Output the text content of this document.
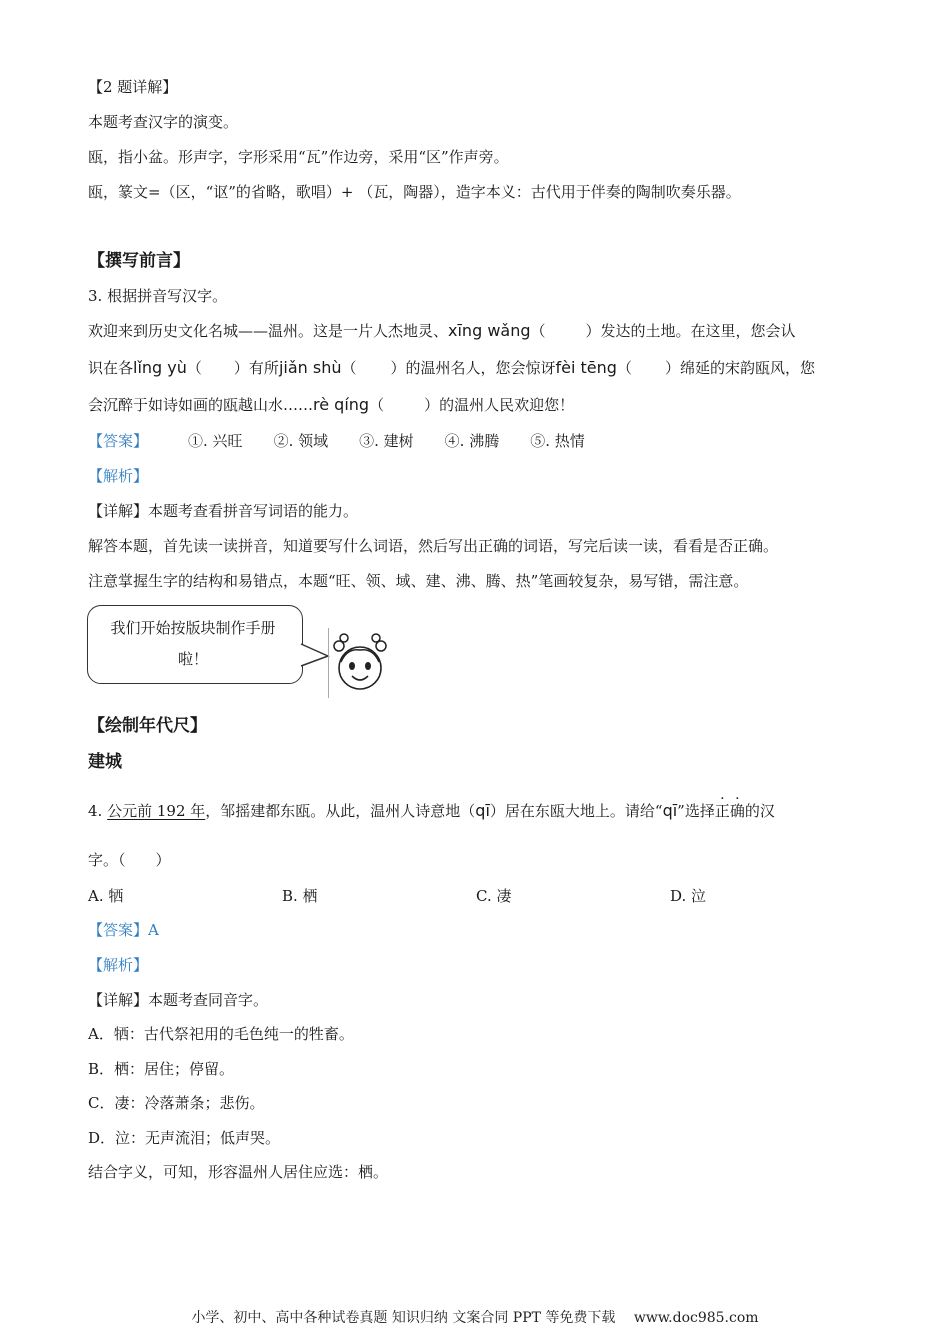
【2 题详解】
本题考查汉字的演变。
瓯，指小盆。形声字，字形采用“瓦”作边旁，采用“区”作声旁。
瓯，篆文=（区，“讴”的省略，歌唱）+ （瓦，陶器），造字本义：古代用于伴奏的陶制吹奏乐器。
【撰写前言】
3. 根据拼音写汉字。
欢迎来到历史文化名城——温州。这是一片人杰地灵、xīng wǎng（	）发达的土地。在这里，您会认
识在各lǐng yù（ ）有所jiǎn shù（ ）的温州名人，您会惊讶fèi tēng（ ）绵延的宋韵瓯风，您
会沉醉于如诗如画的瓯越山水……rè qíng（	）的温州人民欢迎您！
【答案】	①. 兴旺 ②. 领域 ③. 建树 ④. 沸腾 ⑤. 热情
【解析】
【详解】本题考查看拼音写词语的能力。
解答本题，首先读一读拼音，知道要写什么词语，然后写出正确的词语，写完后读一读，看看是否正确。
注意掌握生字的结构和易错点，本题“旺、领、域、建、沸、腾、热”笔画较复杂，易写错，需注意。
我们开始按版块制作手册
啦！
【绘制年代尺】
建城
4. 公元前 192 年，邹摇建都东瓯。从此，温州人诗意地（qī）居在东瓯大地上。请给“qī”选择正确的汉
字。（　　）
A. 牺	B. 栖	C. 凄	D. 泣
【答案】A
【解析】
【详解】本题考查同音字。
A．牺：古代祭祀用的毛色纯一的牲畜。
B．栖：居住；停留。
C．凄：冷落萧条；悲伤。
D．泣：无声流泪；低声哭。
结合字义，可知，形容温州人居住应选：栖。
小学、初中、高中各种试卷真题 知识归纳 文案合同 PPT 等免费下载　 www.doc985.com
